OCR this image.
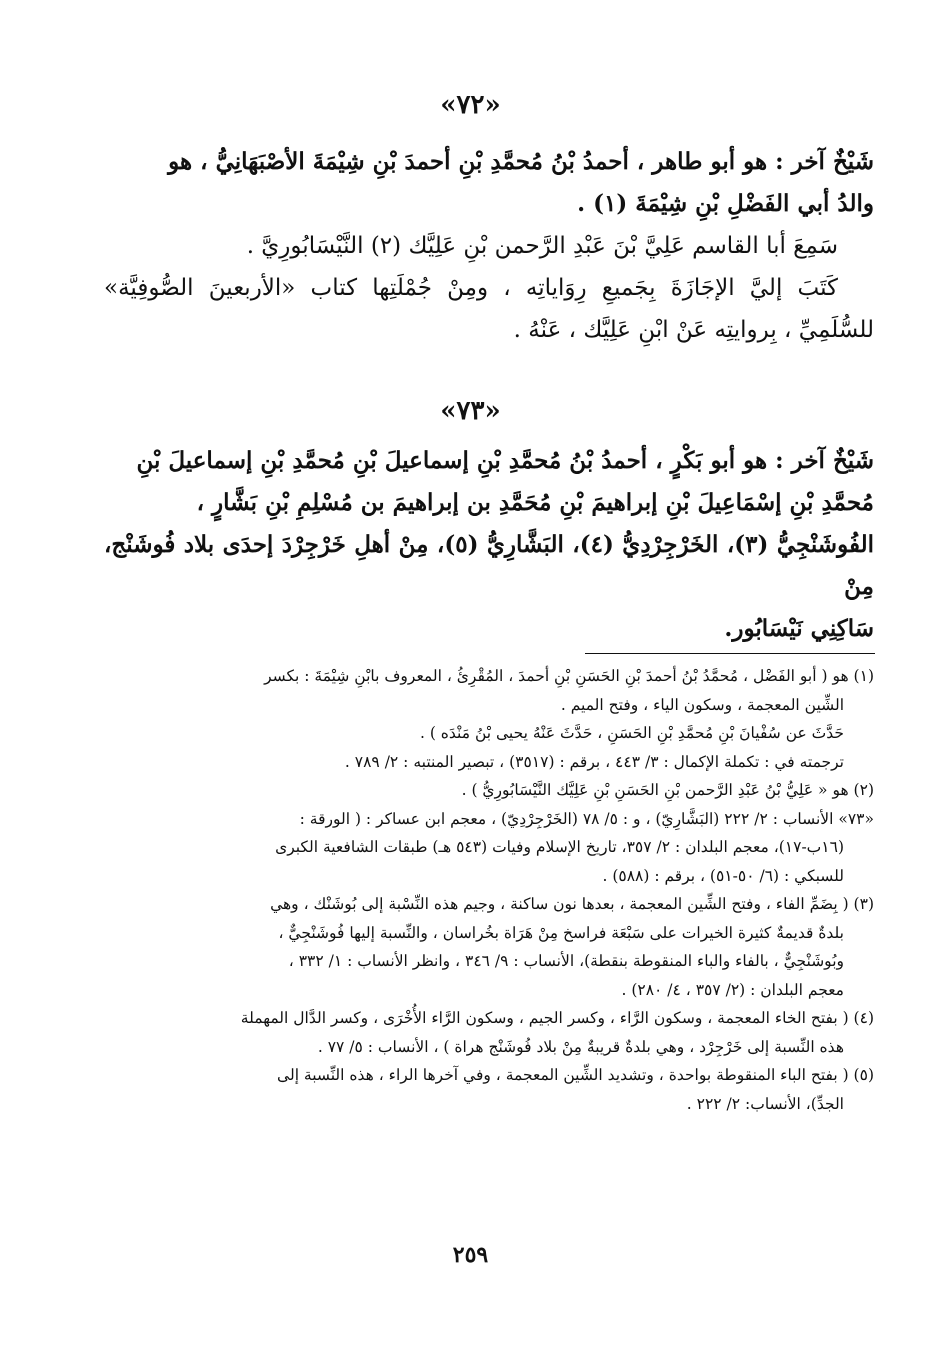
«٧٢»

شَيْخٌ آخر : هو أبو طاهر ، أحمدُ بْنُ مُحمَّدِ بْنِ أحمدَ بْنِ شِيْمَةَ الأصْبَهَانِيُّ ، هو

والدُ أبي الفَضْلِ بْنِ شِيْمَةَ (١) .

سَمِعَ أبا القاسم عَلِيَّ بْنَ عَبْدِ الرَّحمن بْنِ عَلِيَّك (٢) النَّيْسَابُورِيَّ .

كَتَبَ إليَّ الإجَازَةَ بِجَميعِ رِوَاياتِه ، ومِنْ جُمْلَتِها كتاب «الأربعينَ الصُّوفِيَّة» للسُّلَمِيِّ ، بِروايتِه عَنْ ابْنِ عَلِيَّك ، عَنْهُ .

«٧٣»

شَيْخٌ آخر : هو أبو بَكْرٍ ، أحمدُ بْنُ مُحمَّدِ بْنِ إسماعيلَ بْنِ مُحمَّدِ بْنِ إسماعيلَ بْنِ

مُحمَّدِ بْنِ إسْمَاعِيلَ بْنِ إبراهيمَ بْنِ مُحَمَّدِ بن إبراهيمَ بن مُسْلِمِ بْنِ بَشَّارٍ ،

الفُوشَنْجِيُّ (٣)، الخَرْجِرْدِيُّ (٤)، البَشَّارِيُّ (٥)، مِنْ أهلِ خَرْجِرْدَ إحدَى بلاد فُوشَنْج، مِنْ

سَاكِنِي نَيْسَابُور.

(١) هو ( أبو الفَضْل ، مُحمَّدُ بْنُ أحمدَ بْنِ الحَسَنِ بْنِ أحمدَ ، المُقْرِئُ ، المعروف بابْنِ شِيْمَةَ : بكسر

الشِّين المعجمة ، وسكون الياء ، وفتح الميم .

حَدَّثَ عن سُفْيانَ بْنِ مُحمَّدِ بْنِ الحَسَنِ ، حَدَّثَ عَنْهُ يحيى بْنُ مَنْدَه ) .

ترجمته في : تكملة الإكمال : ٣/ ٤٤٣ ، برقم : (٣٥١٧) ، تبصير المنتبه : ٢/ ٧٨٩ .

(٢) هو « عَلِيُّ بْنُ عَبْدِ الرَّحمن بْنِ الحَسَنِ بْنِ عَلِيَّك النَّيْسَابُورِيُّ ) .

«٧٣» الأنساب : ٢/ ٢٢٢ (البَشَّارِيّ) ، و : ٥/ ٧٨ (الخَرْجِرْدِيّ) ، معجم ابن عساكر : ( الورقة :

(١٦ب-١٧)، معجم البلدان : ٢/ ٣٥٧، تاريخ الإسلام وفيات (٥٤٣ هـ) طبقات الشافعية الكبرى

للسبكي : (٦/ ٥٠-٥١) ، برقم : (٥٨٨) .

(٣) ( بِضَمِّ الفاء ، وفتح الشِّين المعجمة ، بعدها نون ساكنة ، وجيم هذه النِّسْبة إلى بُوشَنْك ، وهي

بلدةٌ قديمةٌ كثيرة الخيرات على سَبْعَة فراسخ مِنْ هَرَاة بخُراسان ، والنِّسبة إليها فُوشَنْجِيٌّ ،

وبُوشَنْجِيٌّ ، بالفاء والباء المنقوطة بنقطة)، الأنساب : ٩/ ٣٤٦ ، وانظر الأنساب : ١/ ٣٣٢ ،

معجم البلدان : (٢/ ٣٥٧ ، ٤/ ٢٨٠) .

(٤) ( بفتح الخاء المعجمة ، وسكون الرَّاء ، وكسر الجيم ، وسكون الرَّاء الأُخْرَى ، وكسر الدَّال المهملة

هذه النِّسبة إلى خَرْجِرْد ، وهي بلدةٌ قريبةٌ مِنْ بلاد فُوشَنْج هراة ) ، الأنساب : ٥/ ٧٧ .

(٥) ( بفتح الباء المنقوطة بواحدة ، وتشديد الشِّين المعجمة ، وفي آخرها الراء ، هذه النِّسبة إلى

الجدِّ)، الأنساب: ٢/ ٢٢٢ .

٢٥٩
